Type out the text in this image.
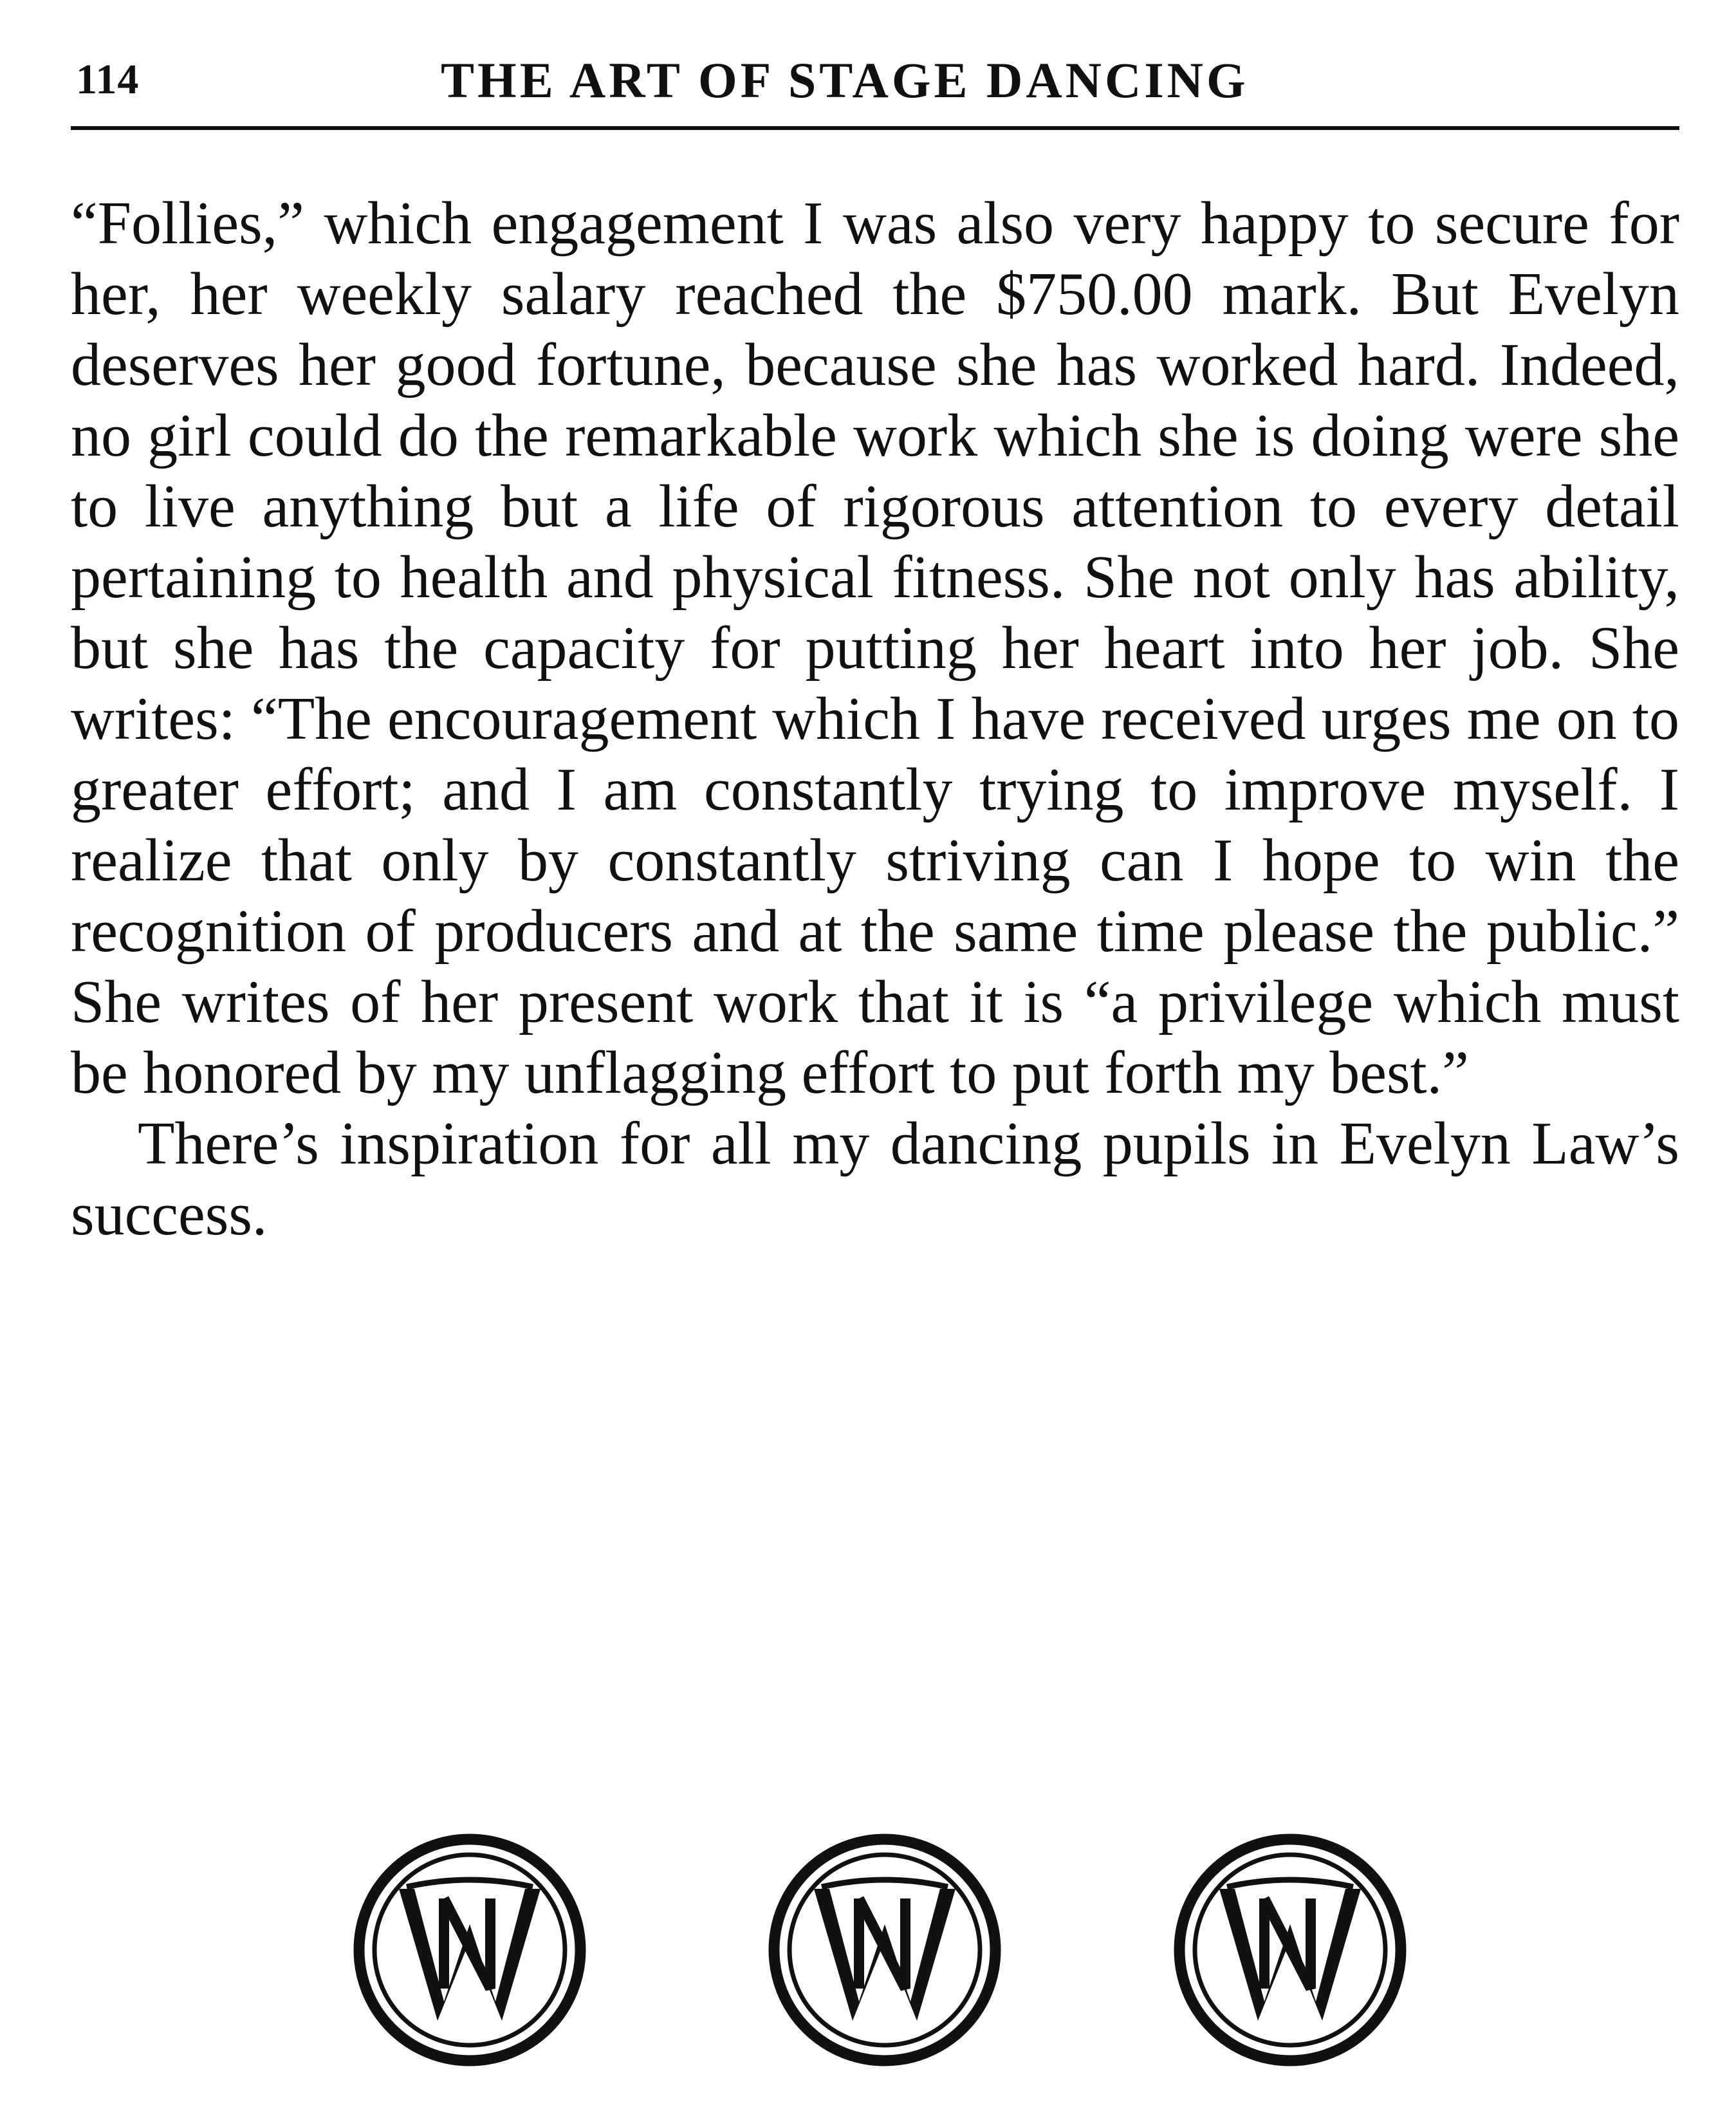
114	THE ART OF STAGE DANCING

“Follies,” which engagement I was also very happy to secure for her, her weekly salary reached the $750.00 mark. But Evelyn deserves her good fortune, because she has worked hard. Indeed, no girl could do the remarkable work which she is doing were she to live anything but a life of rigorous attention to every detail pertaining to health and physical fitness. She not only has ability, but she has the capacity for putting her heart into her job. She writes: “The encouragement which I have received urges me on to greater effort; and I am constantly trying to improve myself. I realize that only by constantly striving can I hope to win the recognition of producers and at the same time please the public.” She writes of her present work that it is “a privilege which must be honored by my unflagging effort to put forth my best.”

There’s inspiration for all my dancing pupils in Evelyn Law’s success.
